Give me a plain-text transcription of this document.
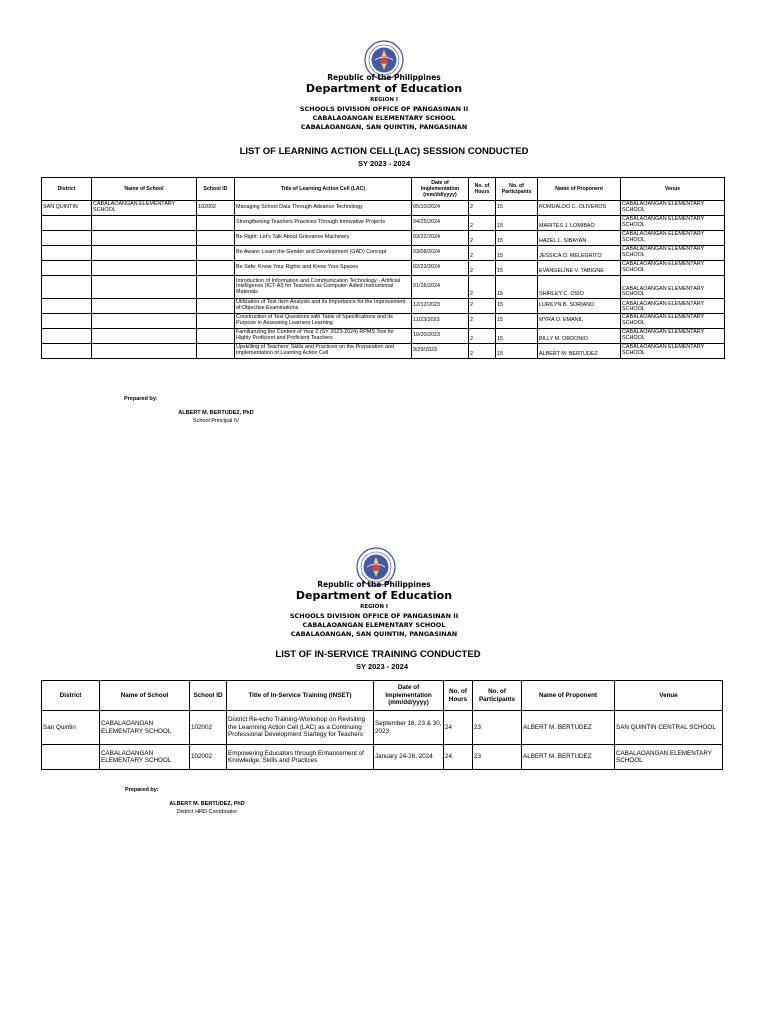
Republic of the Philippines
Department of Education
REGION I
SCHOOLS DIVISION OFFICE OF PANGASINAN II
CABALAOANGAN ELEMENTARY SCHOOL
CABALAOANGAN, SAN QUINTIN, PANGASINAN
LIST OF LEARNING ACTION CELL(LAC) SESSION CONDUCTED
SY 2023 - 2024
District	Name of School	School ID	Title of Learning Action Cell (LAC)	Date of Implementation (mm/dd/yyyy)	No. of Hours	No. of Participants	Name of Proponent	Venue
SAN QUINTIN	CABALAOANGAN ELEMENTARY SCHOOL	102002	Managing School Data Through Advance Technology	05/10/2024	2	15	ROMUALDO C. OLIVEROS	CABALAOANGAN ELEMENTARY SCHOOL
			Strengthening Teachers Practices Through Innovative Projects	04/25/2024	2	15	MARITES J. LOMIBAO	CABALAOANGAN ELEMENTARY SCHOOL
			Be Right: Let's Talk About Grievance Machinery	03/22/2024	2	15	HAZEL L. SIBAYAN	CABALAOANGAN ELEMENTARY SCHOOL
			Be Aware: Learn the Gender and Development (GAD) Concept	03/08/2024	2	15	JESSICA O. MELEGRITO	CABALAOANGAN ELEMENTARY SCHOOL
			Be Safe: Know Your Rights and Know Your Spaces	02/23/2024	2	15	EVANGELINE V. TABIGNE	CABALAOANGAN ELEMENTARY SCHOOL
			Introduction of Information and Communication Technology - Artificial Intelligence (ICT-AI) for Teachers as Computer-Aided Instructional Materials	01/16/2024	2	15	SHIRLEY C. OSIO	CABALAOANGAN ELEMENTARY SCHOOL
			Utilization of Test Item Analysis and its Importance for the Improvement of Objective Examinations	12/12/2023	2	15	LURILYN B. SORIANO	CABALAOANGAN ELEMENTARY SCHOOL
			Construction of Test Questions with Table of Specifications and its Purpose in Assessing Learners Learning	11/23/2023	2	15	MYRA O. EMANIL	CABALAOANGAN ELEMENTARY SCHOOL
			Familiarizing the Content of Year 2 (SY 2023-2024) RPMS Tool for Highly Proficient and Proficient Teachers	10/20/2023	2	15	BILLY M. ORDONIO	CABALAOANGAN ELEMENTARY SCHOOL
			Upskilling of Teachers' Skills and Practices on the Preparation and Implementation of Learning Action Cell	9/29/2023	2	15	ALBERT M. BERTUDEZ	CABALAOANGAN ELEMENTARY SCHOOL
Prepared by:
ALBERT M. BERTUDEZ, PhD
School Principal IV
Republic of the Philippines
Department of Education
REGION I
SCHOOLS DIVISION OFFICE OF PANGASINAN II
CABALAOANGAN ELEMENTARY SCHOOL
CABALAOANGAN, SAN QUINTIN, PANGASINAN
LIST OF IN-SERVICE TRAINING CONDUCTED
SY 2023 - 2024
District	Name of School	School ID	Title of In-Service Training (INSET)	Date of Implementation (mm/dd/yyyy)	No. of Hours	No. of Participants	Name of Proponent	Venue
San Quintin	CABALAOANGAN ELEMENTARY SCHOOL	102002	District Re-echo Training-Workshop on Revisiting the Learnning Action Cell (LAC) as a Continuing Professional Development Startegy for Teachers	September 16, 23 & 30, 2023	24	23	ALBERT M. BERTUDEZ	SAN QUINTIN CENTRAL SCHOOL
	CABALAOANGAN ELEMENTARY SCHOOL	102002	Empowering Educators through Enhancement of Knowledge, Skills and Practices	January 24-26, 2024	24	23	ALBERT M. BERTUDEZ	CABALAOANGAN ELEMENTARY SCHOOL
Prepared by:
ALBERT M. BERTUDEZ, PhD
District HRD Coordinator
